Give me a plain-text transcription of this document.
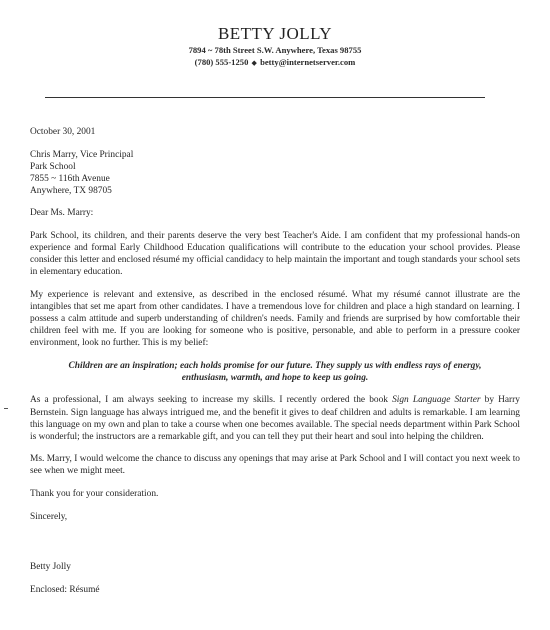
BETTY JOLLY
7894 ~ 78th Street S.W. Anywhere, Texas 98755
(780) 555-1250 ◆ betty@internetserver.com

October 30, 2001

Chris Marry, Vice Principal
Park School
7855 ~ 116th Avenue
Anywhere, TX 98705

Dear Ms. Marry:

Park School, its children, and their parents deserve the very best Teacher's Aide. I am confident that my professional hands-on experience and formal Early Childhood Education qualifications will contribute to the education your school provides. Please consider this letter and enclosed résumé my official candidacy to help maintain the important and tough standards your school sets in elementary education.

My experience is relevant and extensive, as described in the enclosed résumé. What my résumé cannot illustrate are the intangibles that set me apart from other candidates. I have a tremendous love for children and place a high standard on learning. I possess a calm attitude and superb understanding of children's needs. Family and friends are surprised by how comfortable their children feel with me. If you are looking for someone who is positive, personable, and able to perform in a pressure cooker environment, look no further. This is my belief:

Children are an inspiration; each holds promise for our future. They supply us with endless rays of energy, enthusiasm, warmth, and hope to keep us going.

As a professional, I am always seeking to increase my skills. I recently ordered the book Sign Language Starter by Harry Bernstein. Sign language has always intrigued me, and the benefit it gives to deaf children and adults is remarkable. I am learning this language on my own and plan to take a course when one becomes available. The special needs department within Park School is wonderful; the instructors are a remarkable gift, and you can tell they put their heart and soul into helping the children.

Ms. Marry, I would welcome the chance to discuss any openings that may arise at Park School and I will contact you next week to see when we might meet.

Thank you for your consideration.

Sincerely,

Betty Jolly

Enclosed: Résumé
